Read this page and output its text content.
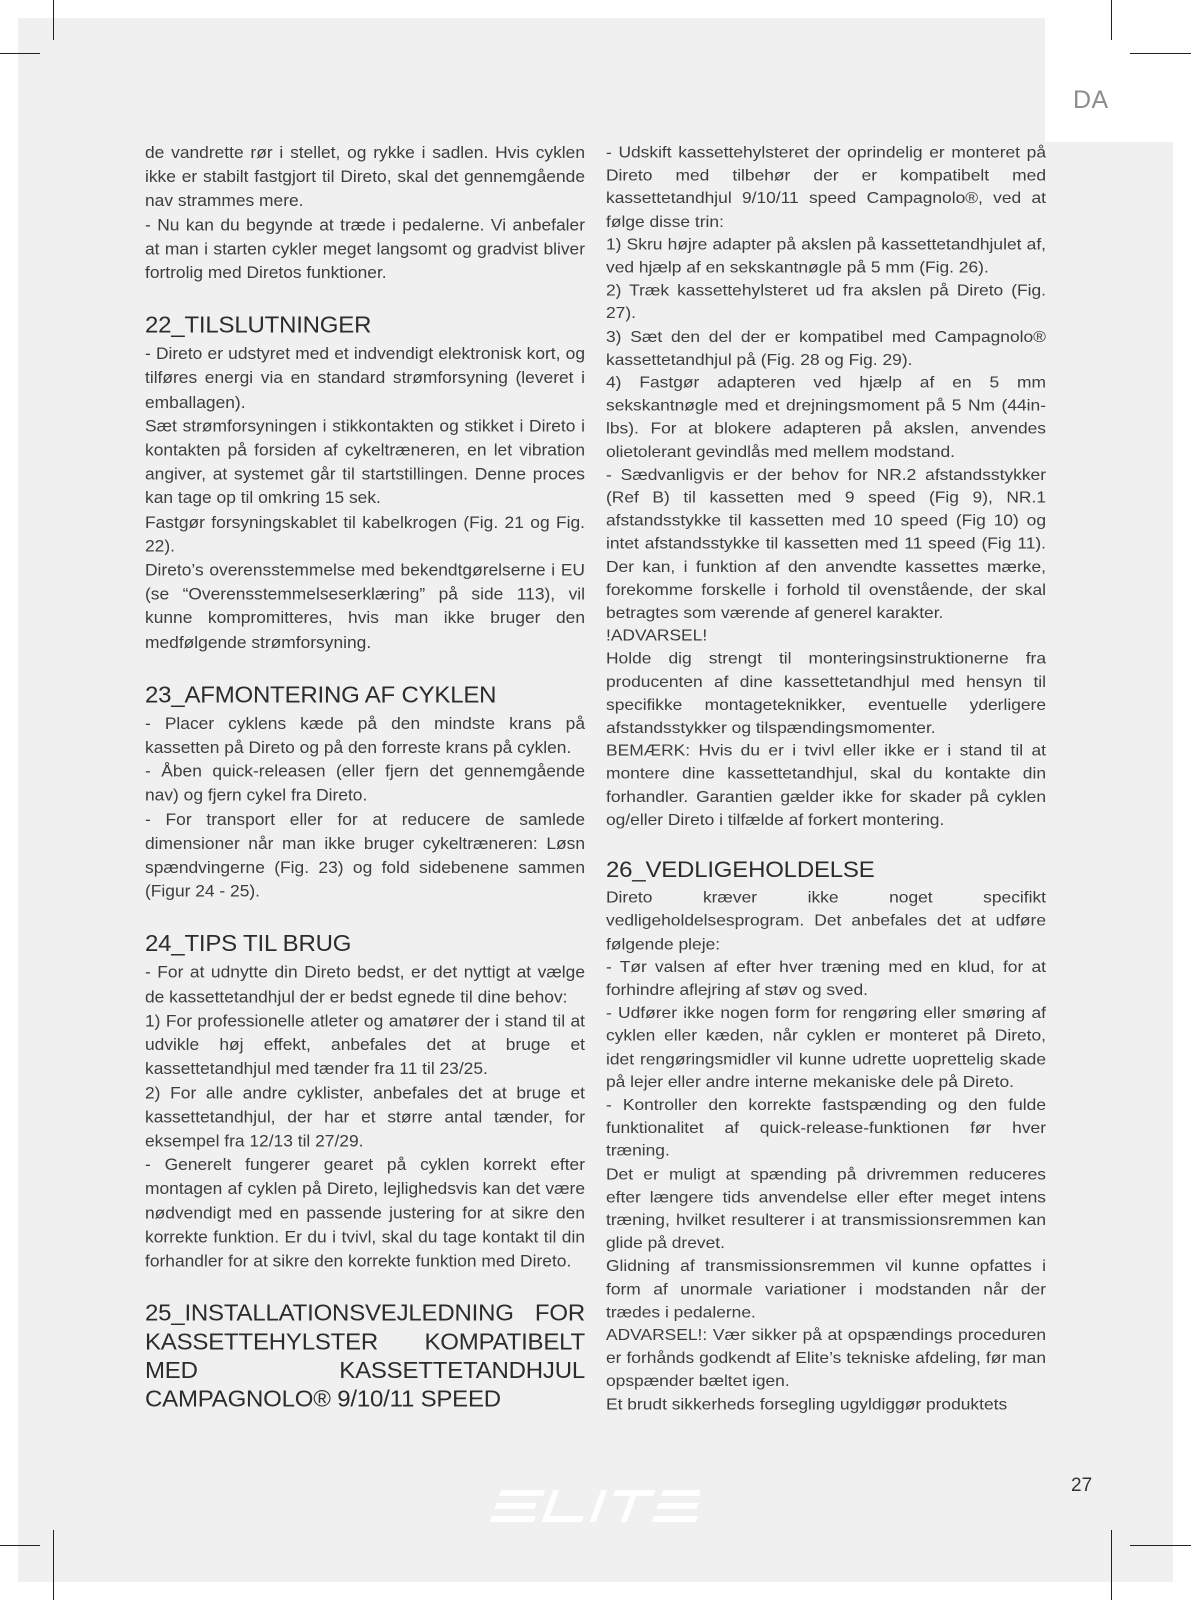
DA

de vandrette rør i stellet, og rykke i sadlen. Hvis cyklen ikke er stabilt fastgjort til Direto, skal det gennemgående nav strammes mere.

- Nu kan du begynde at træde i pedalerne. Vi anbefaler at man i starten cykler meget langsomt og gradvist bliver fortrolig med Diretos funktioner.

22_TILSLUTNINGER

- Direto er udstyret med et indvendigt elektronisk kort, og tilføres energi via en standard strømforsyning (leveret i emballagen).

Sæt strømforsyningen i stikkontakten og stikket i Direto i kontakten på forsiden af cykeltræneren, en let vibration angiver, at systemet går til startstillingen. Denne proces kan tage op til omkring 15 sek.

Fastgør forsyningskablet til kabelkrogen (Fig. 21 og Fig. 22).

Direto’s overensstemmelse med bekendtgørelserne i EU (se “Overensstemmelseserklæring” på side 113), vil kunne kompromitteres, hvis man ikke bruger den medfølgende strømforsyning.

23_AFMONTERING AF CYKLEN

- Placer cyklens kæde på den mindste krans på kassetten på Direto og på den forreste krans på cyklen.

- Åben quick-releasen (eller fjern det gennemgående nav) og fjern cykel fra Direto.

- For transport eller for at reducere de samlede dimensioner når man ikke bruger cykeltræneren: Løsn spændvingerne (Fig. 23) og fold sidebenene sammen (Figur 24 - 25).

24_TIPS TIL BRUG

- For at udnytte din Direto bedst, er det nyttigt at vælge de kassettetandhjul der er bedst egnede til dine behov:

1) For professionelle atleter og amatører der i stand til at udvikle høj effekt, anbefales det at bruge et kassettetandhjul med tænder fra 11 til 23/25.

2) For alle andre cyklister, anbefales det at bruge et kassettetandhjul, der har et større antal tænder, for eksempel fra 12/13 til 27/29.

- Generelt fungerer gearet på cyklen korrekt efter montagen af cyklen på Direto, lejlighedsvis kan det være nødvendigt med en passende justering for at sikre den korrekte funktion. Er du i tvivl, skal du tage kontakt til din forhandler for at sikre den korrekte funktion med Direto.

25_INSTALLATIONSVEJLEDNING FOR KASSETTEHYLSTER KOMPATIBELT MED KASSETTETANDHJUL CAMPAGNOLO® 9/10/11 SPEED

- Udskift kassettehylsteret der oprindelig er monteret på Direto med tilbehør der er kompatibelt med kassettetandhjul 9/10/11 speed Campagnolo®, ved at følge disse trin:

1) Skru højre adapter på akslen på kassettetandhjulet af, ved hjælp af en sekskantnøgle på 5 mm (Fig. 26).

2) Træk kassettehylsteret ud fra akslen på Direto (Fig. 27).

3) Sæt den del der er kompatibel med Campagnolo® kassettetandhjul på (Fig. 28 og Fig. 29).

4) Fastgør adapteren ved hjælp af en 5 mm sekskantnøgle med et drejningsmoment på 5 Nm (44in-lbs). For at blokere adapteren på akslen, anvendes olietolerant gevindlås med mellem modstand.

- Sædvanligvis er der behov for NR.2 afstandsstykker (Ref B) til kassetten med 9 speed (Fig 9), NR.1 afstandsstykke til kassetten med 10 speed (Fig 10) og intet afstandsstykke til kassetten med 11 speed (Fig 11). Der kan, i funktion af den anvendte kassettes mærke, forekomme forskelle i forhold til ovenstående, der skal betragtes som værende af generel karakter.

!ADVARSEL!

Holde dig strengt til monteringsinstruktionerne fra producenten af dine kassettetandhjul med hensyn til specifikke montageteknikker, eventuelle yderligere afstandsstykker og tilspændingsmomenter.

BEMÆRK: Hvis du er i tvivl eller ikke er i stand til at montere dine kassettetandhjul, skal du kontakte din forhandler. Garantien gælder ikke for skader på cyklen og/eller Direto i tilfælde af forkert montering.

26_VEDLIGEHOLDELSE

Direto kræver ikke noget specifikt vedligeholdelsesprogram. Det anbefales det at udføre følgende pleje:

- Tør valsen af efter hver træning med en klud, for at forhindre aflejring af støv og sved.

- Udfører ikke nogen form for rengøring eller smøring af cyklen eller kæden, når cyklen er monteret på Direto, idet rengøringsmidler vil kunne udrette uoprettelig skade på lejer eller andre interne mekaniske dele på Direto.

- Kontroller den korrekte fastspænding og den fulde funktionalitet af quick-release-funktionen før hver træning.

Det er muligt at spænding på drivremmen reduceres efter længere tids anvendelse eller efter meget intens træning, hvilket resulterer i at transmissionsremmen kan glide på drevet.

Glidning af transmissionsremmen vil kunne opfattes i form af unormale variationer i modstanden når der trædes i pedalerne.

ADVARSEL!: Vær sikker på at opspændings proceduren er forhånds godkendt af Elite’s tekniske afdeling, før man opspænder bæltet igen.

Et brudt sikkerheds forsegling ugyldiggør produktets

27
